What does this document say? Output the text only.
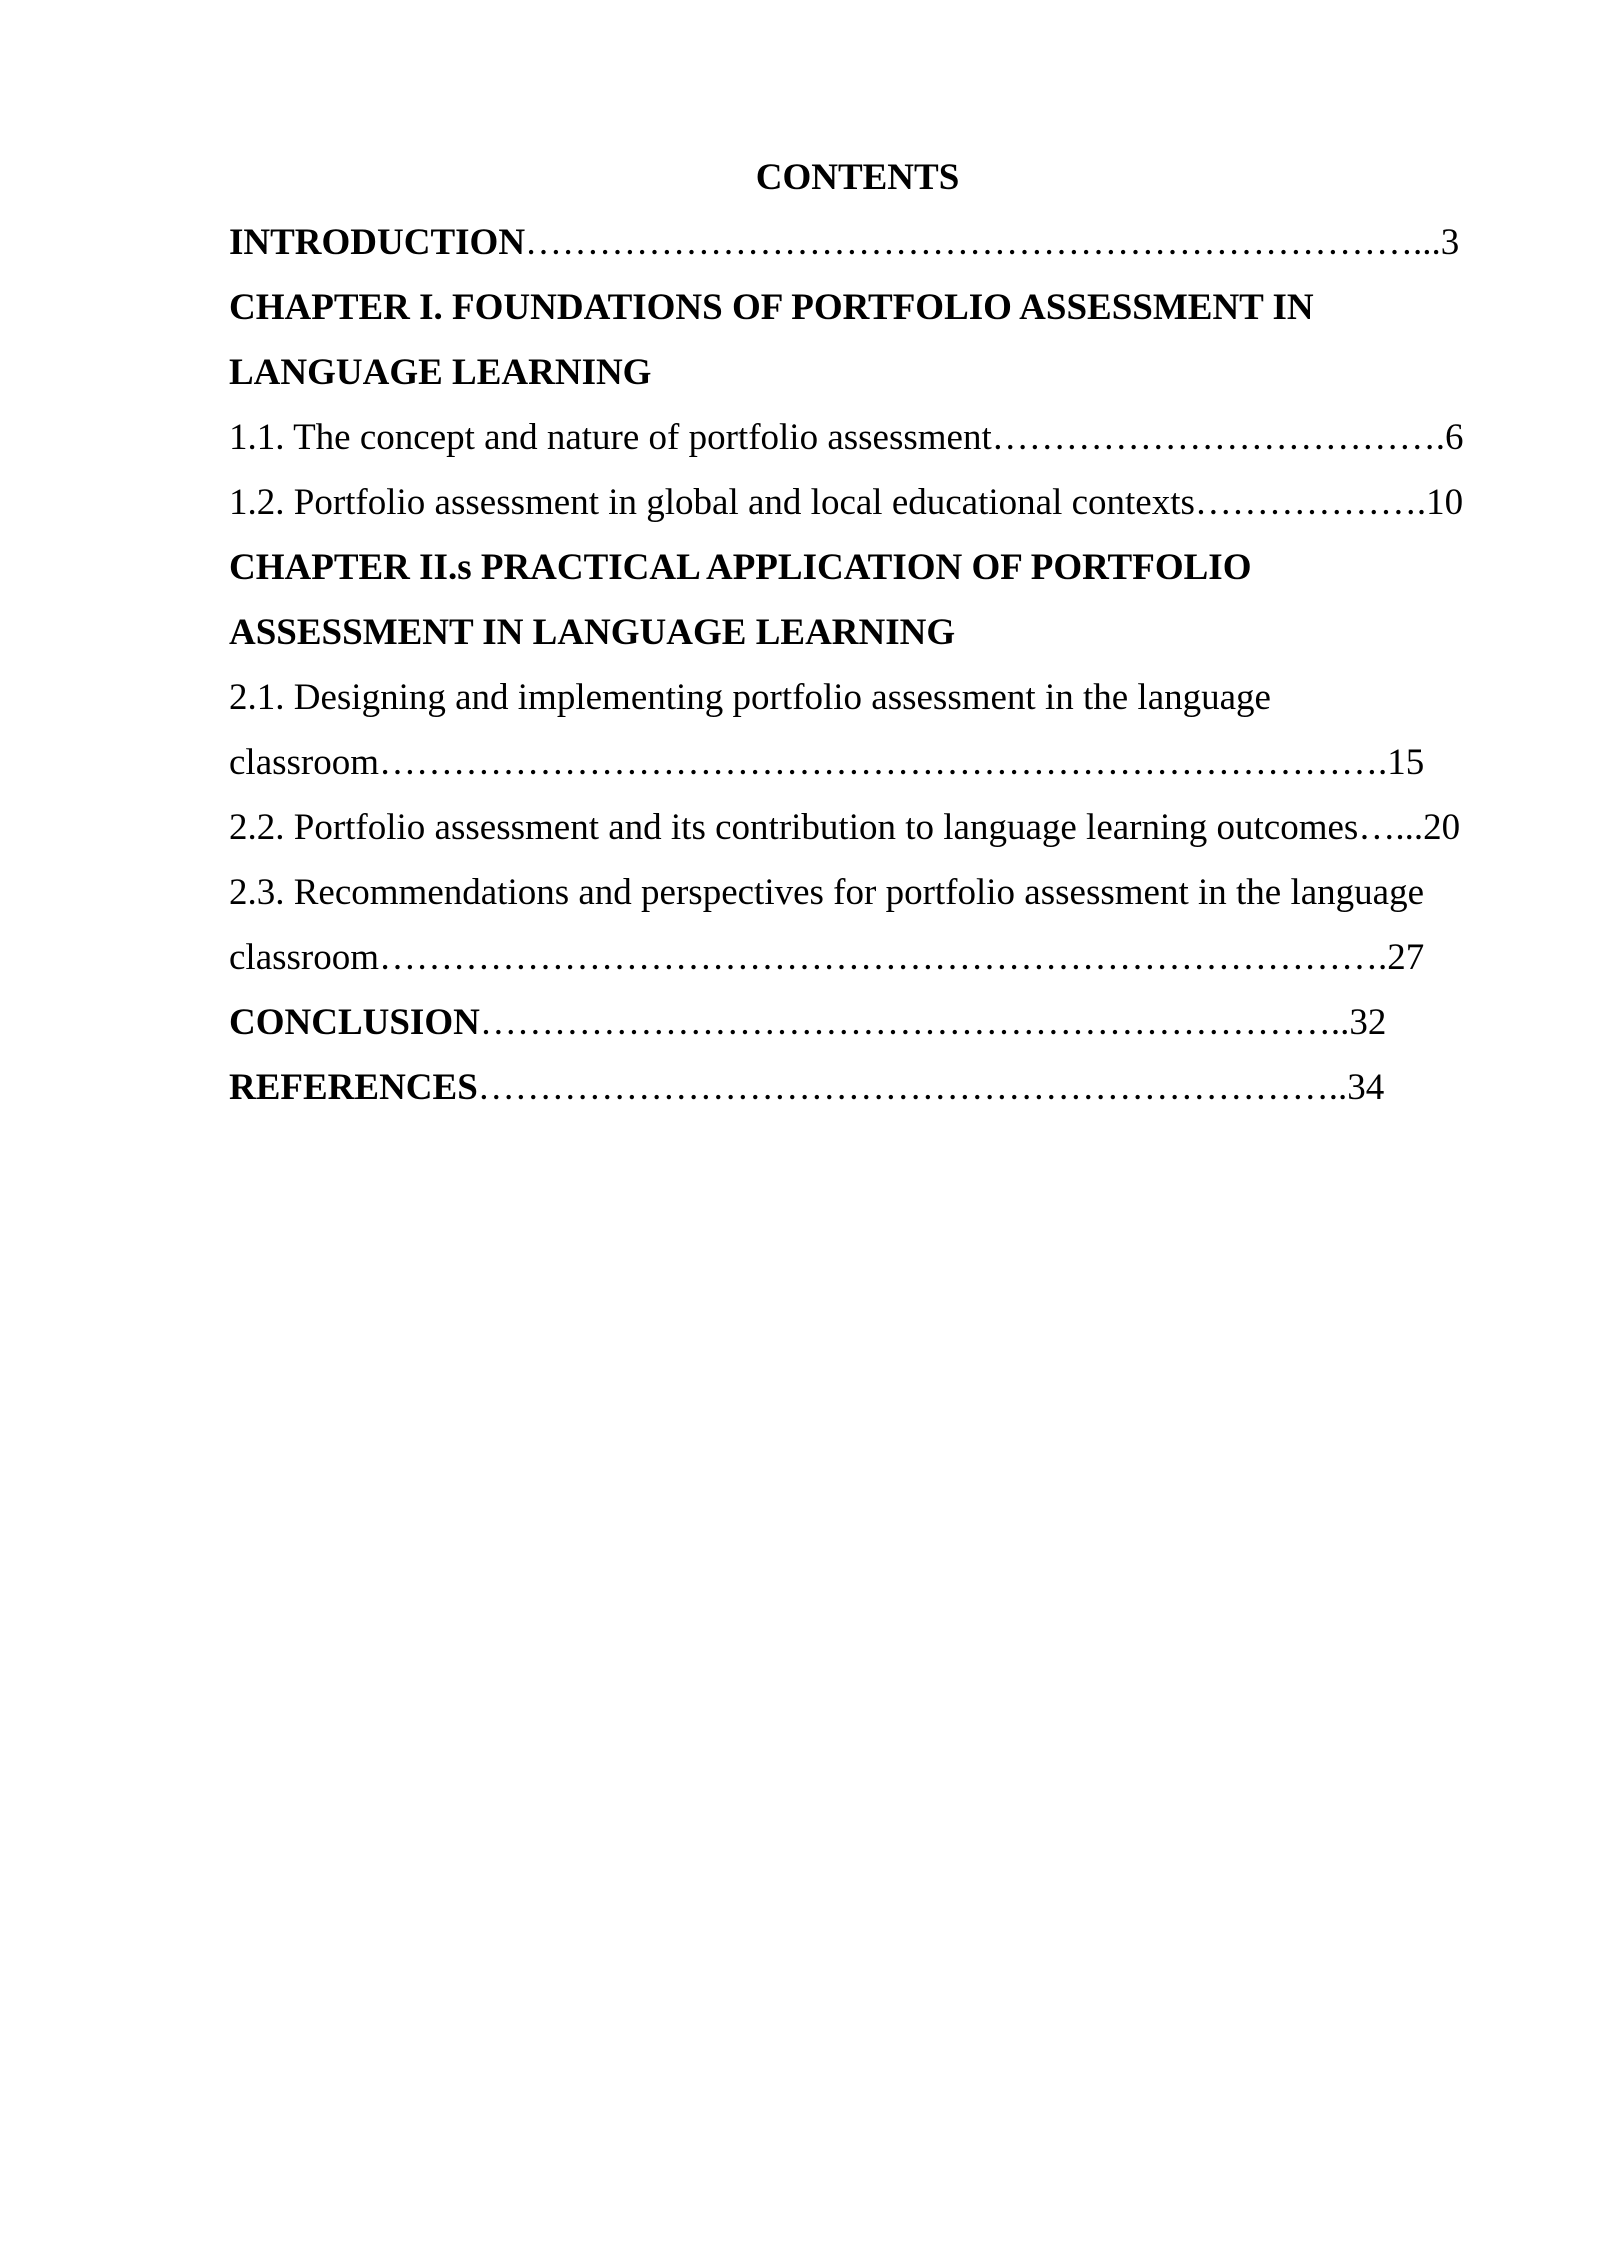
CONTENTS
INTRODUCTION………………………………………………………………...3
CHAPTER I. FOUNDATIONS OF PORTFOLIO ASSESSMENT IN
LANGUAGE LEARNING
1.1. The concept and nature of portfolio assessment……………………………….6
1.2. Portfolio assessment in global and local educational contexts……………….10
CHAPTER II.s PRACTICAL APPLICATION OF PORTFOLIO
ASSESSMENT IN LANGUAGE LEARNING
2.1. Designing and implementing portfolio assessment in the language
classroom……………………………………………………………………….15
2.2. Portfolio assessment and its contribution to language learning outcomes…...20
2.3. Recommendations and perspectives for portfolio assessment in the language
classroom……………………………………………………………………….27
CONCLUSION……………………………………………………………..32
REFERENCES……………………………………………………………..34
